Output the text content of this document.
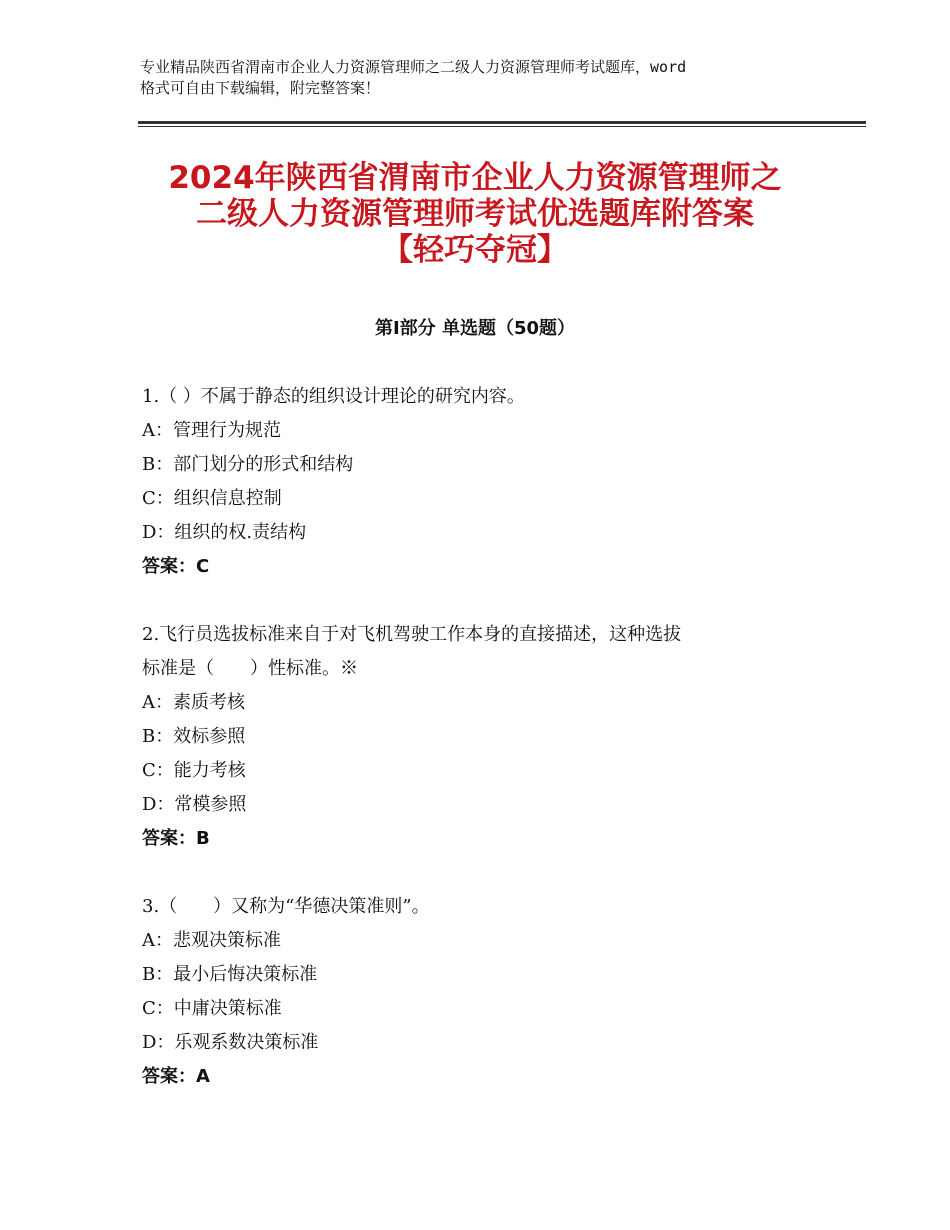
专业精品陕西省渭南市企业人力资源管理师之二级人力资源管理师考试题库，word
格式可自由下载编辑，附完整答案！
2024年陕西省渭南市企业人力资源管理师之
二级人力资源管理师考试优选题库附答案
【轻巧夺冠】
第Ⅰ部分 单选题（50题）
1.（ ）不属于静态的组织设计理论的研究内容。
A：管理行为规范
B：部门划分的形式和结构
C：组织信息控制
D：组织的权.责结构
答案：C
2.飞行员选拔标准来自于对飞机驾驶工作本身的直接描述，这种选拔
标准是（　　）性标准。※
A：素质考核
B：效标参照
C：能力考核
D：常模参照
答案：B
3.（　　）又称为“华德决策准则”。
A：悲观决策标准
B：最小后悔决策标准
C：中庸决策标准
D：乐观系数决策标准
答案：A
